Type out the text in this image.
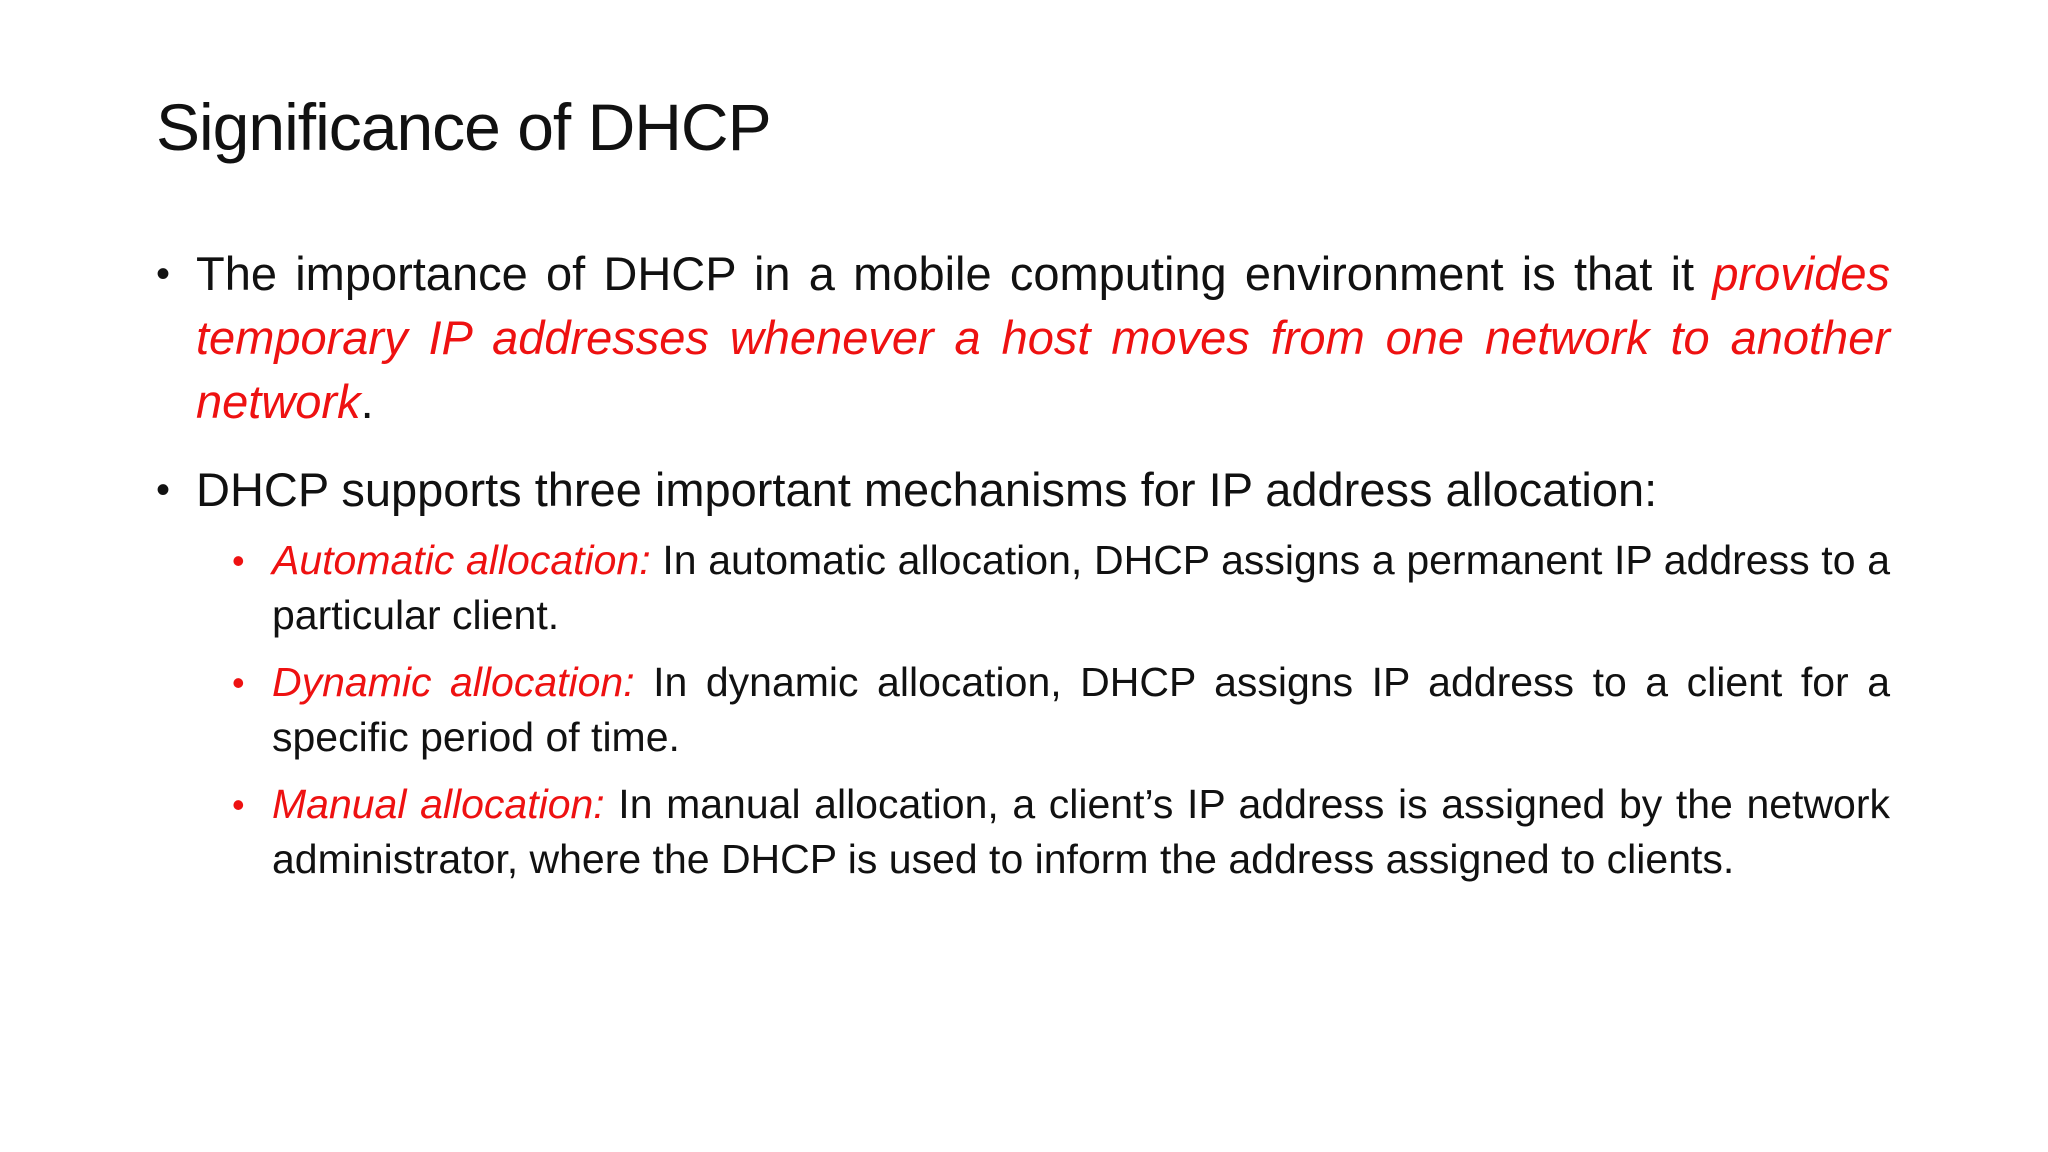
Significance of DHCP

• The importance of DHCP in a mobile computing environment is that it provides temporary IP addresses whenever a host moves from one network to another network.

• DHCP supports three important mechanisms for IP address allocation:

• Automatic allocation: In automatic allocation, DHCP assigns a permanent IP address to a particular client.

• Dynamic allocation: In dynamic allocation, DHCP assigns IP address to a client for a specific period of time.

• Manual allocation: In manual allocation, a client’s IP address is assigned by the network administrator, where the DHCP is used to inform the address assigned to clients.
